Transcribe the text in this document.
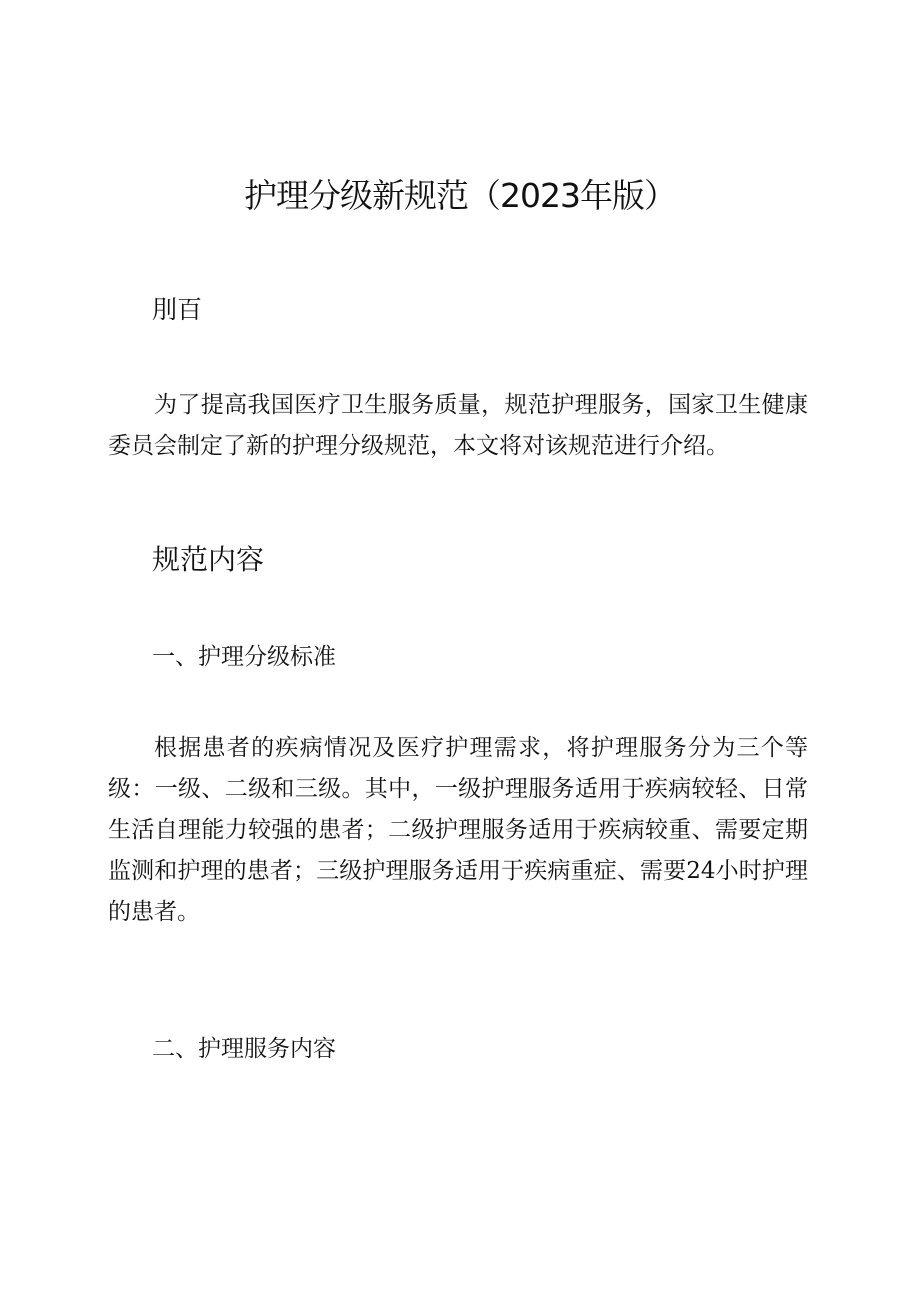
护理分级新规范（2023年版）
刖百

为了提高我国医疗卫生服务质量，规范护理服务，国家卫生健康委员会制定了新的护理分级规范，本文将对该规范进行介绍。

规范内容
一、护理分级标准

根据患者的疾病情况及医疗护理需求，将护理服务分为三个等级：一级、二级和三级。其中，一级护理服务适用于疾病较轻、日常生活自理能力较强的患者；二级护理服务适用于疾病较重、需要定期监测和护理的患者；三级护理服务适用于疾病重症、需要24小时护理的患者。

二、护理服务内容
